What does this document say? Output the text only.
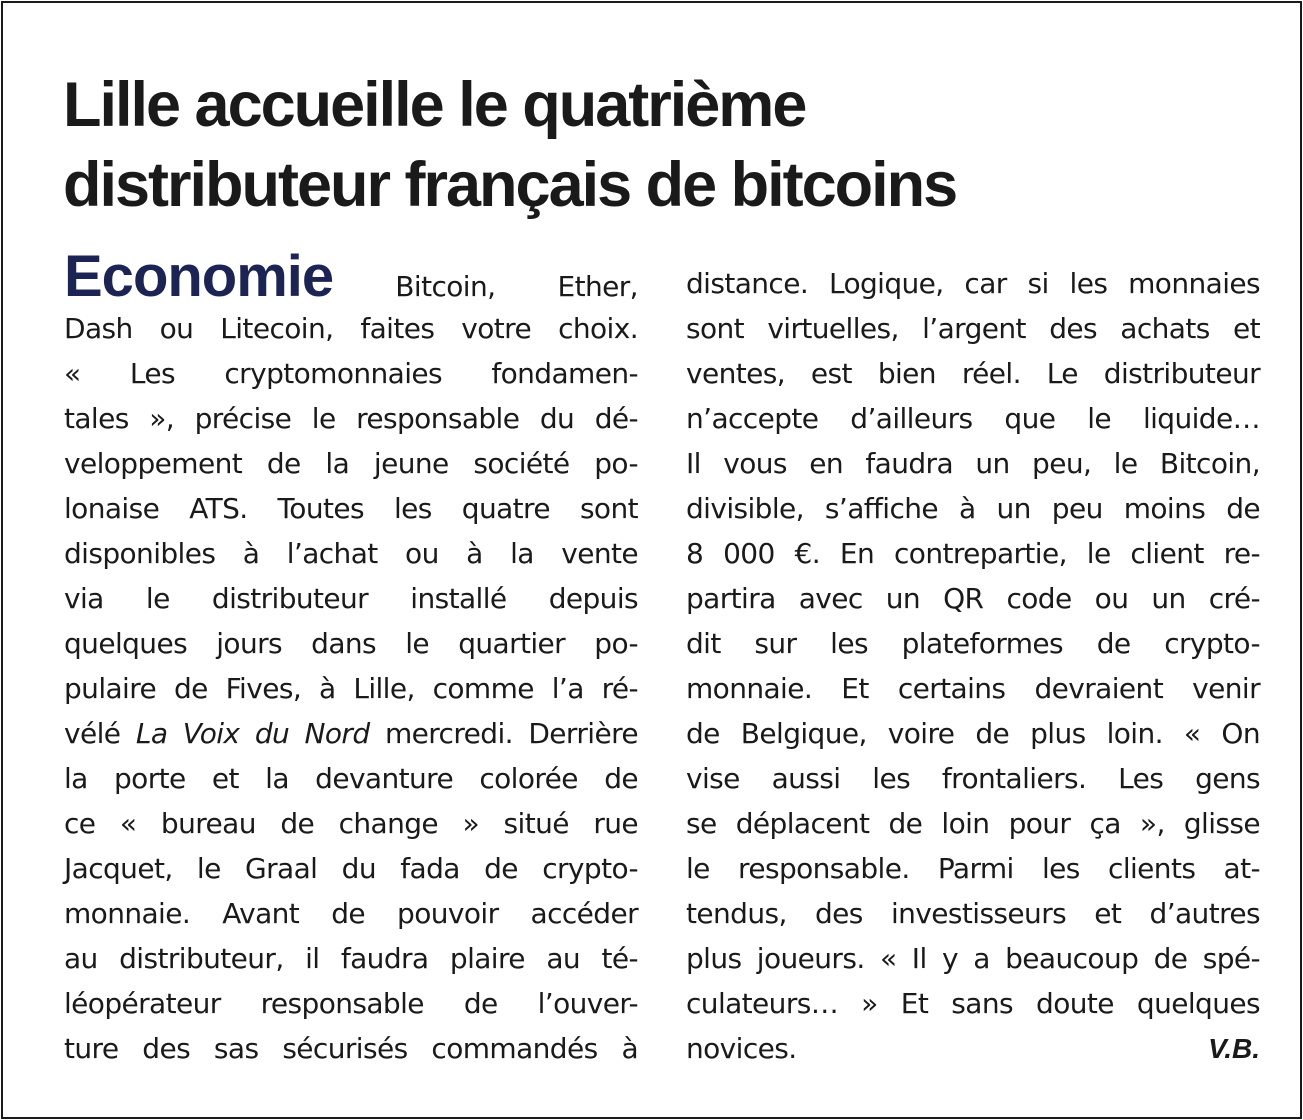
Lille accueille le quatrième
distributeur français de bitcoins
Economie Bitcoin, Ether,
Dash ou Litecoin, faites votre choix.
« Les cryptomonnaies fondamen-
tales », précise le responsable du dé-
veloppement de la jeune société po-
lonaise ATS. Toutes les quatre sont
disponibles à l’achat ou à la vente
via le distributeur installé depuis
quelques jours dans le quartier po-
pulaire de Fives, à Lille, comme l’a ré-
vélé La Voix du Nord mercredi. Derrière
la porte et la devanture colorée de
ce « bureau de change » situé rue
Jacquet, le Graal du fada de crypto-
monnaie. Avant de pouvoir accéder
au distributeur, il faudra plaire au té-
léopérateur responsable de l’ouver-
ture des sas sécurisés commandés à
distance. Logique, car si les monnaies
sont virtuelles, l’argent des achats et
ventes, est bien réel. Le distributeur
n’accepte d’ailleurs que le liquide…
Il vous en faudra un peu, le Bitcoin,
divisible, s’affiche à un peu moins de
8 000 €. En contrepartie, le client re-
partira avec un QR code ou un cré-
dit sur les plateformes de crypto-
monnaie. Et certains devraient venir
de Belgique, voire de plus loin. « On
vise aussi les frontaliers. Les gens
se déplacent de loin pour ça », glisse
le responsable. Parmi les clients at-
tendus, des investisseurs et d’autres
plus joueurs. « Il y a beaucoup de spé-
culateurs… » Et sans doute quelques
novices.	V.B.
